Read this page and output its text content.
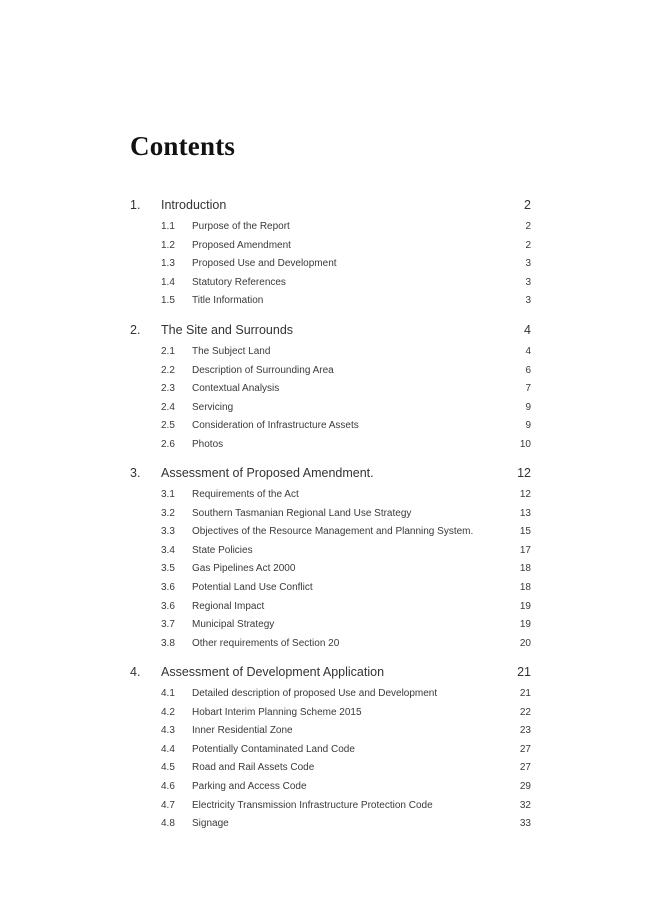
Contents
1. Introduction	2
1.1 Purpose of the Report	2
1.2 Proposed Amendment	2
1.3 Proposed Use and Development	3
1.4 Statutory References	3
1.5 Title Information	3
2. The Site and Surrounds	4
2.1 The Subject Land	4
2.2 Description of Surrounding Area	6
2.3 Contextual Analysis	7
2.4 Servicing	9
2.5 Consideration of Infrastructure Assets	9
2.6 Photos	10
3. Assessment of Proposed Amendment.	12
3.1 Requirements of the Act	12
3.2 Southern Tasmanian Regional Land Use Strategy	13
3.3 Objectives of the Resource Management and Planning System.	15
3.4 State Policies	17
3.5 Gas Pipelines Act 2000	18
3.6 Potential Land Use Conflict	18
3.6 Regional Impact	19
3.7 Municipal Strategy	19
3.8 Other requirements of Section 20	20
4. Assessment of Development Application	21
4.1 Detailed description of proposed Use and Development	21
4.2 Hobart Interim Planning Scheme 2015	22
4.3 Inner Residential Zone	23
4.4 Potentially Contaminated Land Code	27
4.5 Road and Rail Assets Code	27
4.6 Parking and Access Code	29
4.7 Electricity Transmission Infrastructure Protection Code	32
4.8 Signage	33
